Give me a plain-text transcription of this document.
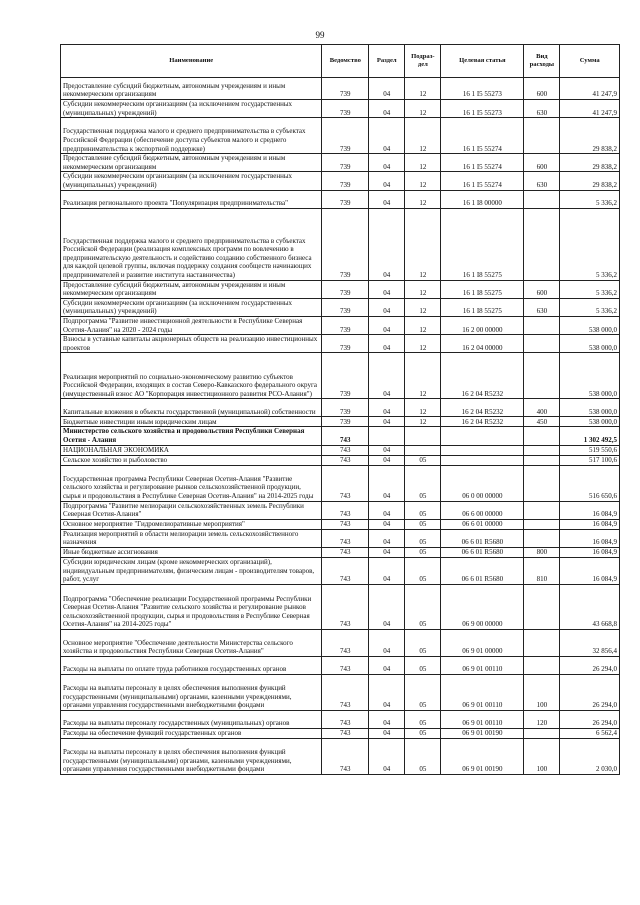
99
Наименование	Ведомство	Раздел	Подраз-дел	Целевая статья	Вид расходы	Сумма
Предоставление субсидий бюджетным, автономным учреждениям и иным некоммерческим организациям	739	04	12	16 1 I5 55273	600	41 247,9
Субсидии некоммерческим организациям (за исключением государственных (муниципальных) учреждений)	739	04	12	16 1 I5 55273	630	41 247,9
Государственная поддержка малого и среднего предпринимательства в субъектах Российской Федерации (обеспечение доступа субъектов малого и среднего предпринимательства к экспортной поддержке)	739	04	12	16 1 I5 55274		29 838,2
Предоставление субсидий бюджетным, автономным учреждениям и иным некоммерческим организациям	739	04	12	16 1 I5 55274	600	29 838,2
Субсидии некоммерческим организациям (за исключением государственных (муниципальных) учреждений)	739	04	12	16 1 I5 55274	630	29 838,2
Реализация регионального проекта "Популяризация предпринимательства"	739	04	12	16 1 I8 00000		5 336,2
Государственная поддержка малого и среднего предпринимательства в субъектах Российской Федерации (реализация комплексных программ по вовлечению в предпринимательскую деятельность и содействию созданию собственного бизнеса для каждой целевой группы, включая поддержку создания сообществ начинающих предпринимателей и развитие института наставничества)	739	04	12	16 1 I8 55275		5 336,2
Предоставление субсидий бюджетным, автономным учреждениям и иным некоммерческим организациям	739	04	12	16 1 I8 55275	600	5 336,2
Субсидии некоммерческим организациям (за исключением государственных (муниципальных) учреждений)	739	04	12	16 1 I8 55275	630	5 336,2
Подпрограмма "Развитие инвестиционной деятельности в Республике Северная Осетия-Алания" на 2020 - 2024 годы	739	04	12	16 2 00 00000		538 000,0
Взносы в уставные капиталы акционерных обществ на реализацию инвестиционных проектов	739	04	12	16 2 04 00000		538 000,0
Реализация мероприятий по социально-экономическому развитию субъектов Российской Федерации, входящих в состав Северо-Кавказского федерального округа (имущественный взнос АО "Корпорация инвестиционного развития РСО-Алания")	739	04	12	16 2 04 R5232		538 000,0
Капитальные вложения в объекты государственной (муниципальной) собственности	739	04	12	16 2 04 R5232	400	538 000,0
Бюджетные инвестиции иным юридическим лицам	739	04	12	16 2 04 R5232	450	538 000,0
Министерство сельского хозяйства и продовольствия Республики Северная Осетия - Алания	743					1 302 492,5
НАЦИОНАЛЬНАЯ ЭКОНОМИКА	743	04				519 550,6
Сельское хозяйство и рыболовство	743	04	05			517 100,6
Государственная программа Республики Северная Осетия-Алания "Развитие сельского хозяйства и регулирование рынков сельскохозяйственной продукции, сырья и продовольствия в Республике Северная Осетия-Алания" на 2014-2025 годы	743	04	05	06 0 00 00000		516 650,6
Подпрограмма "Развитие мелиорации сельскохозяйственных земель Республики Северная Осетия-Алания"	743	04	05	06 6 00 00000		16 084,9
Основное мероприятие "Гидромелиоративные мероприятия"	743	04	05	06 6 01 00000		16 084,9
Реализация мероприятий в области мелиорации земель сельскохозяйственного назначения	743	04	05	06 6 01 R5680		16 084,9
Иные бюджетные ассигнования	743	04	05	06 6 01 R5680	800	16 084,9
Субсидии юридическим лицам (кроме некоммерческих организаций), индивидуальным предпринимателям, физическим лицам - производителям товаров, работ, услуг	743	04	05	06 6 01 R5680	810	16 084,9
Подпрограмма "Обеспечение реализации Государственной программы Республики Северная Осетия-Алания "Развитие сельского хозяйства и регулирование рынков сельскохозяйственной продукции, сырья и продовольствия в Республике Северная Осетия-Алания" на 2014-2025 годы"	743	04	05	06 9 00 00000		43 668,8
Основное мероприятие "Обеспечение деятельности Министерства сельского хозяйства и продовольствия Республики Северная Осетия-Алания"	743	04	05	06 9 01 00000		32 856,4
Расходы на выплаты по оплате труда работников государственных органов	743	04	05	06 9 01 00110		26 294,0
Расходы на выплаты персоналу в целях обеспечения выполнения функций государственными (муниципальными) органами, казенными учреждениями, органами управления государственными внебюджетными фондами	743	04	05	06 9 01 00110	100	26 294,0
Расходы на выплаты персоналу государственных (муниципальных) органов	743	04	05	06 9 01 00110	120	26 294,0
Расходы на обеспечение функций государственных органов	743	04	05	06 9 01 00190		6 562,4
Расходы на выплаты персоналу в целях обеспечения выполнения функций государственными (муниципальными) органами, казенными учреждениями, органами управления государственными внебюджетными фондами	743	04	05	06 9 01 00190	100	2 030,0
